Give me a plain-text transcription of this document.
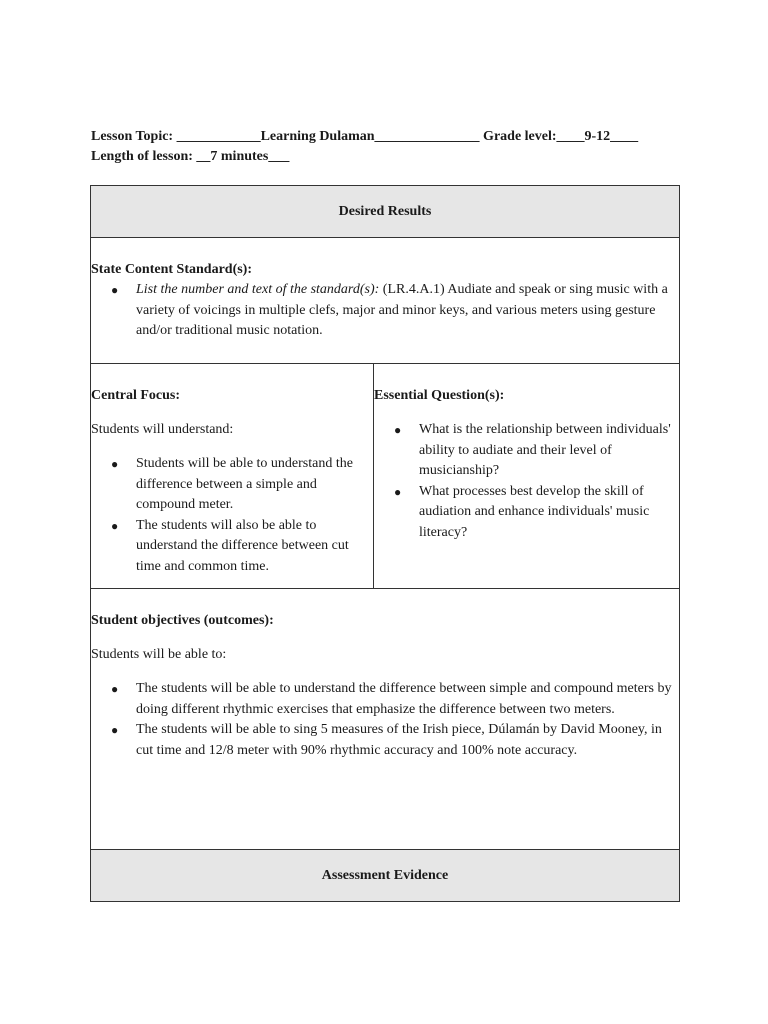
Lesson Topic: ____________Learning Dulaman_______________ Grade level:____9-12____
Length of lesson: __7 minutes___
Desired Results

State Content Standard(s):
● List the number and text of the standard(s): (LR.4.A.1) Audiate and speak or sing music with a variety of voicings in multiple clefs, major and minor keys, and various meters using gesture and/or traditional music notation.

Central Focus:
Students will understand:
● Students will be able to understand the difference between a simple and compound meter.
● The students will also be able to understand the difference between cut time and common time.

Essential Question(s):
● What is the relationship between individuals' ability to audiate and their level of musicianship?
● What processes best develop the skill of audiation and enhance individuals' music literacy?

Student objectives (outcomes):
Students will be able to:
● The students will be able to understand the difference between simple and compound meters by doing different rhythmic exercises that emphasize the difference between two meters.
● The students will be able to sing 5 measures of the Irish piece, Dúlamán by David Mooney, in cut time and 12/8 meter with 90% rhythmic accuracy and 100% note accuracy.

Assessment Evidence
